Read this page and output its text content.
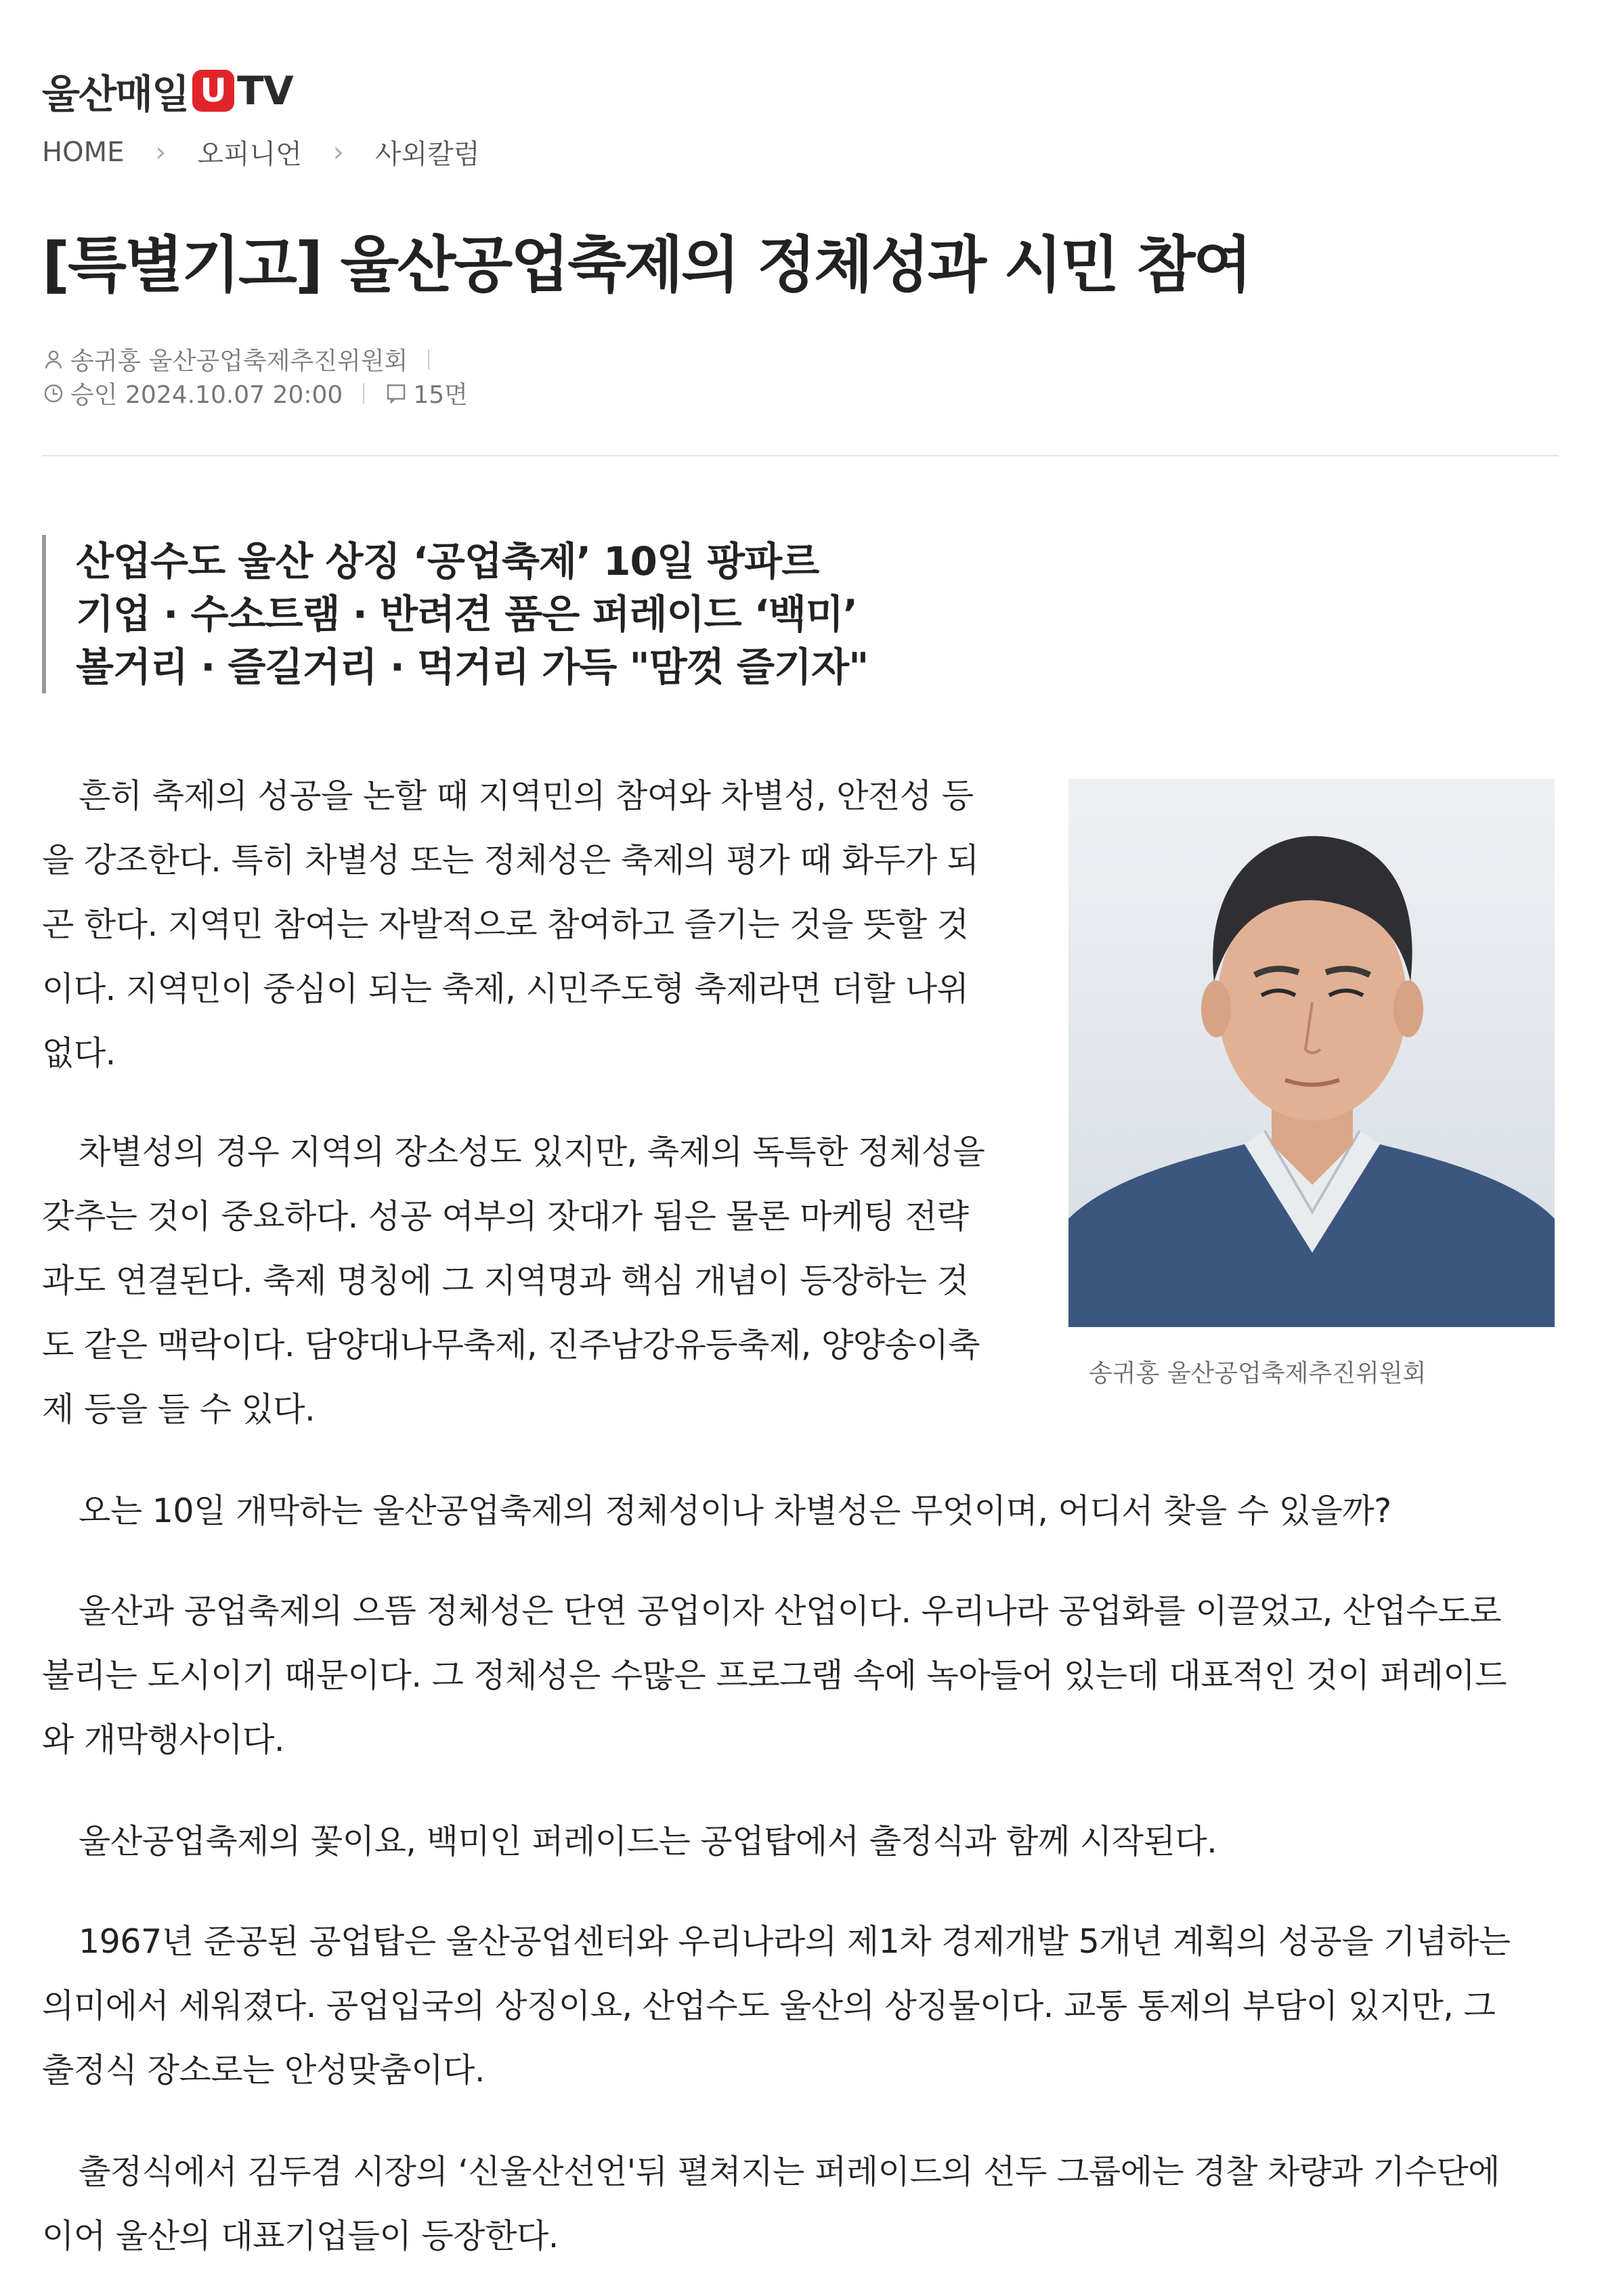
울산매일 U TV
HOME › 오피니언 › 사외칼럼
[특별기고] 울산공업축제의 정체성과 시민 참여
송귀홍 울산공업축제추진위원회
승인 2024.10.07 20:00	15면
산업수도 울산 상징 ‘공업축제’ 10일 팡파르
기업 · 수소트램 · 반려견 품은 퍼레이드 ‘백미’
볼거리 · 즐길거리 · 먹거리 가득 "맘껏 즐기자"
흔히 축제의 성공을 논할 때 지역민의 참여와 차별성, 안전성 등
을 강조한다. 특히 차별성 또는 정체성은 축제의 평가 때 화두가 되
곤 한다. 지역민 참여는 자발적으로 참여하고 즐기는 것을 뜻할 것
이다. 지역민이 중심이 되는 축제, 시민주도형 축제라면 더할 나위
없다.
차별성의 경우 지역의 장소성도 있지만, 축제의 독특한 정체성을
갖추는 것이 중요하다. 성공 여부의 잣대가 됨은 물론 마케팅 전략
과도 연결된다. 축제 명칭에 그 지역명과 핵심 개념이 등장하는 것
도 같은 맥락이다. 담양대나무축제, 진주남강유등축제, 양양송이축
제 등을 들 수 있다.
송귀홍 울산공업축제추진위원회
오는 10일 개막하는 울산공업축제의 정체성이나 차별성은 무엇이며, 어디서 찾을 수 있을까?
울산과 공업축제의 으뜸 정체성은 단연 공업이자 산업이다. 우리나라 공업화를 이끌었고, 산업수도로
불리는 도시이기 때문이다. 그 정체성은 수많은 프로그램 속에 녹아들어 있는데 대표적인 것이 퍼레이드
와 개막행사이다.
울산공업축제의 꽃이요, 백미인 퍼레이드는 공업탑에서 출정식과 함께 시작된다.
1967년 준공된 공업탑은 울산공업센터와 우리나라의 제1차 경제개발 5개년 계획의 성공을 기념하는
의미에서 세워졌다. 공업입국의 상징이요, 산업수도 울산의 상징물이다. 교통 통제의 부담이 있지만, 그
출정식 장소로는 안성맞춤이다.
출정식에서 김두겸 시장의 ‘신울산선언'뒤 펼쳐지는 퍼레이드의 선두 그룹에는 경찰 차량과 기수단에
이어 울산의 대표기업들이 등장한다.
